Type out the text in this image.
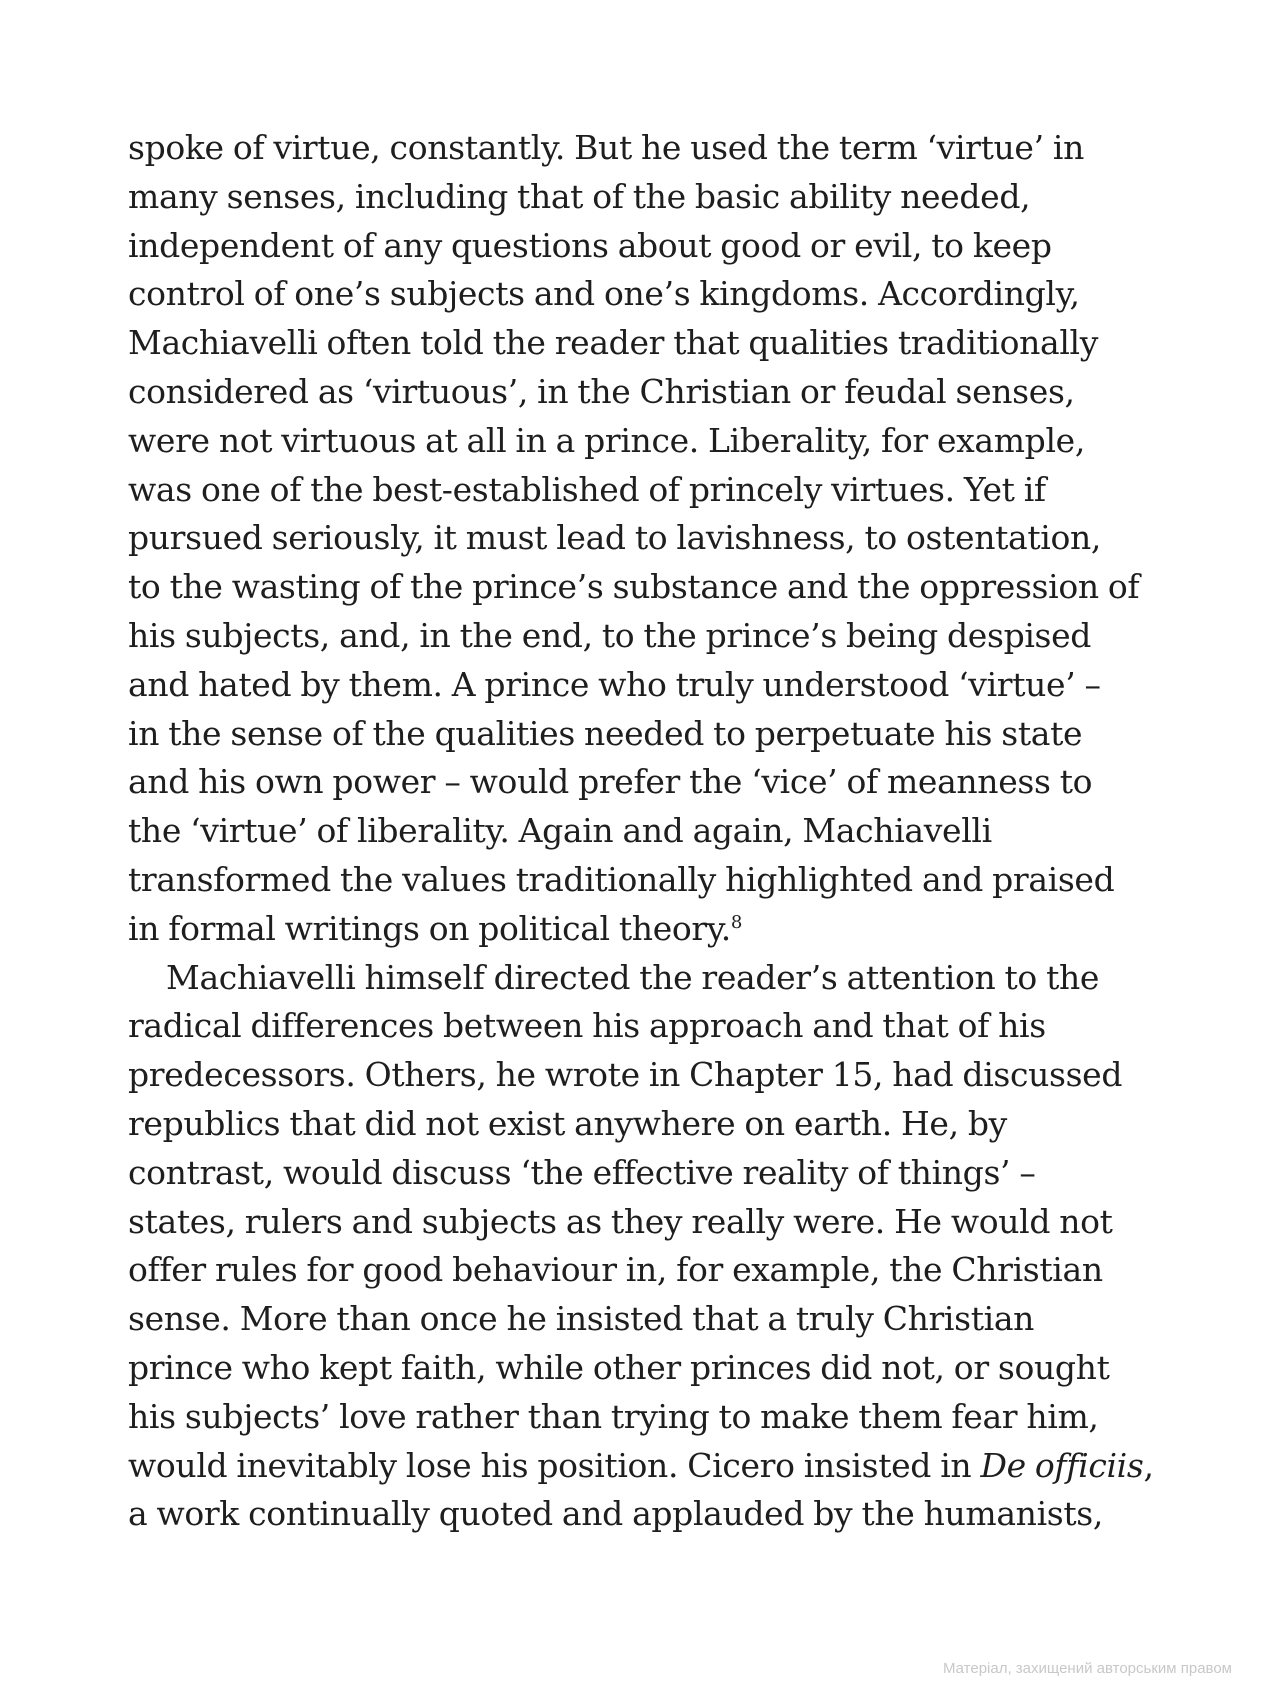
spoke of virtue, constantly. But he used the term ‘virtue’ in
many senses, including that of the basic ability needed,
independent of any questions about good or evil, to keep
control of one’s subjects and one’s kingdoms. Accordingly,
Machiavelli often told the reader that qualities traditionally
considered as ‘virtuous’, in the Christian or feudal senses,
were not virtuous at all in a prince. Liberality, for example,
was one of the best-established of princely virtues. Yet if
pursued seriously, it must lead to lavishness, to ostentation,
to the wasting of the prince’s substance and the oppression of
his subjects, and, in the end, to the prince’s being despised
and hated by them. A prince who truly understood ‘virtue’ –
in the sense of the qualities needed to perpetuate his state
and his own power – would prefer the ‘vice’ of meanness to
the ‘virtue’ of liberality. Again and again, Machiavelli
transformed the values traditionally highlighted and praised
in formal writings on political theory.$^8$
Machiavelli himself directed the reader’s attention to the
radical differences between his approach and that of his
predecessors. Others, he wrote in Chapter 15, had discussed
republics that did not exist anywhere on earth. He, by
contrast, would discuss ‘the effective reality of things’ –
states, rulers and subjects as they really were. He would not
offer rules for good behaviour in, for example, the Christian
sense. More than once he insisted that a truly Christian
prince who kept faith, while other princes did not, or sought
his subjects’ love rather than trying to make them fear him,
would inevitably lose his position. Cicero insisted in De officiis,
a work continually quoted and applauded by the humanists,
Матеріал, захищений авторським правом
